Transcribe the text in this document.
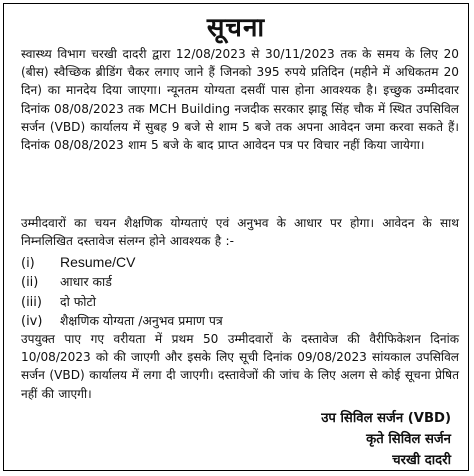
सूचना
स्वास्थ्य विभाग चरखी दादरी द्वारा 12/08/2023 से 30/11/2023 तक के समय के लिए 20 (बीस) स्वैच्छिक ब्रीडिंग चैकर लगाए जाने हैं जिनको 395 रुपये प्रतिदिन (महीने में अधिकतम 20 दिन) का मानदेय दिया जाएगा। न्यूनतम योग्यता दसवीं पास होना आवश्यक है। इच्छुक उम्मीदवार दिनांक 08/08/2023 तक MCH Building नजदीक सरकार झाडू सिंह चौक में स्थित उपसिविल सर्जन (VBD) कार्यालय में सुबह 9 बजे से शाम 5 बजे तक अपना आवेदन जमा करवा सकते हैं। दिनांक 08/08/2023 शाम 5 बजे के बाद प्राप्त आवेदन पत्र पर विचार नहीं किया जायेगा।
उम्मीदवारों का चयन शैक्षणिक योग्यताएं एवं अनुभव के आधार पर होगा। आवेदन के साथ निम्नलिखित दस्तावेज संलग्न होने आवश्यक है :-
(i)	Resume/CV
(ii)	आधार कार्ड
(iii)	दो फोटो
(iv)	शैक्षणिक योग्यता /अनुभव प्रमाण पत्र
उपयुक्त पाए गए वरीयता में प्रथम 50 उम्मीदवारों के दस्तावेज की वैरीफिकेशन दिनांक 10/08/2023 को की जाएगी और इसके लिए सूची दिनांक 09/08/2023 सांयकाल उपसिविल सर्जन (VBD) कार्यालय में लगा दी जाएगी। दस्तावेजों की जांच के लिए अलग से कोई सूचना प्रेषित नहीं की जाएगी।
उप सिविल सर्जन (VBD)
कृते सिविल सर्जन
चरखी दादरी
